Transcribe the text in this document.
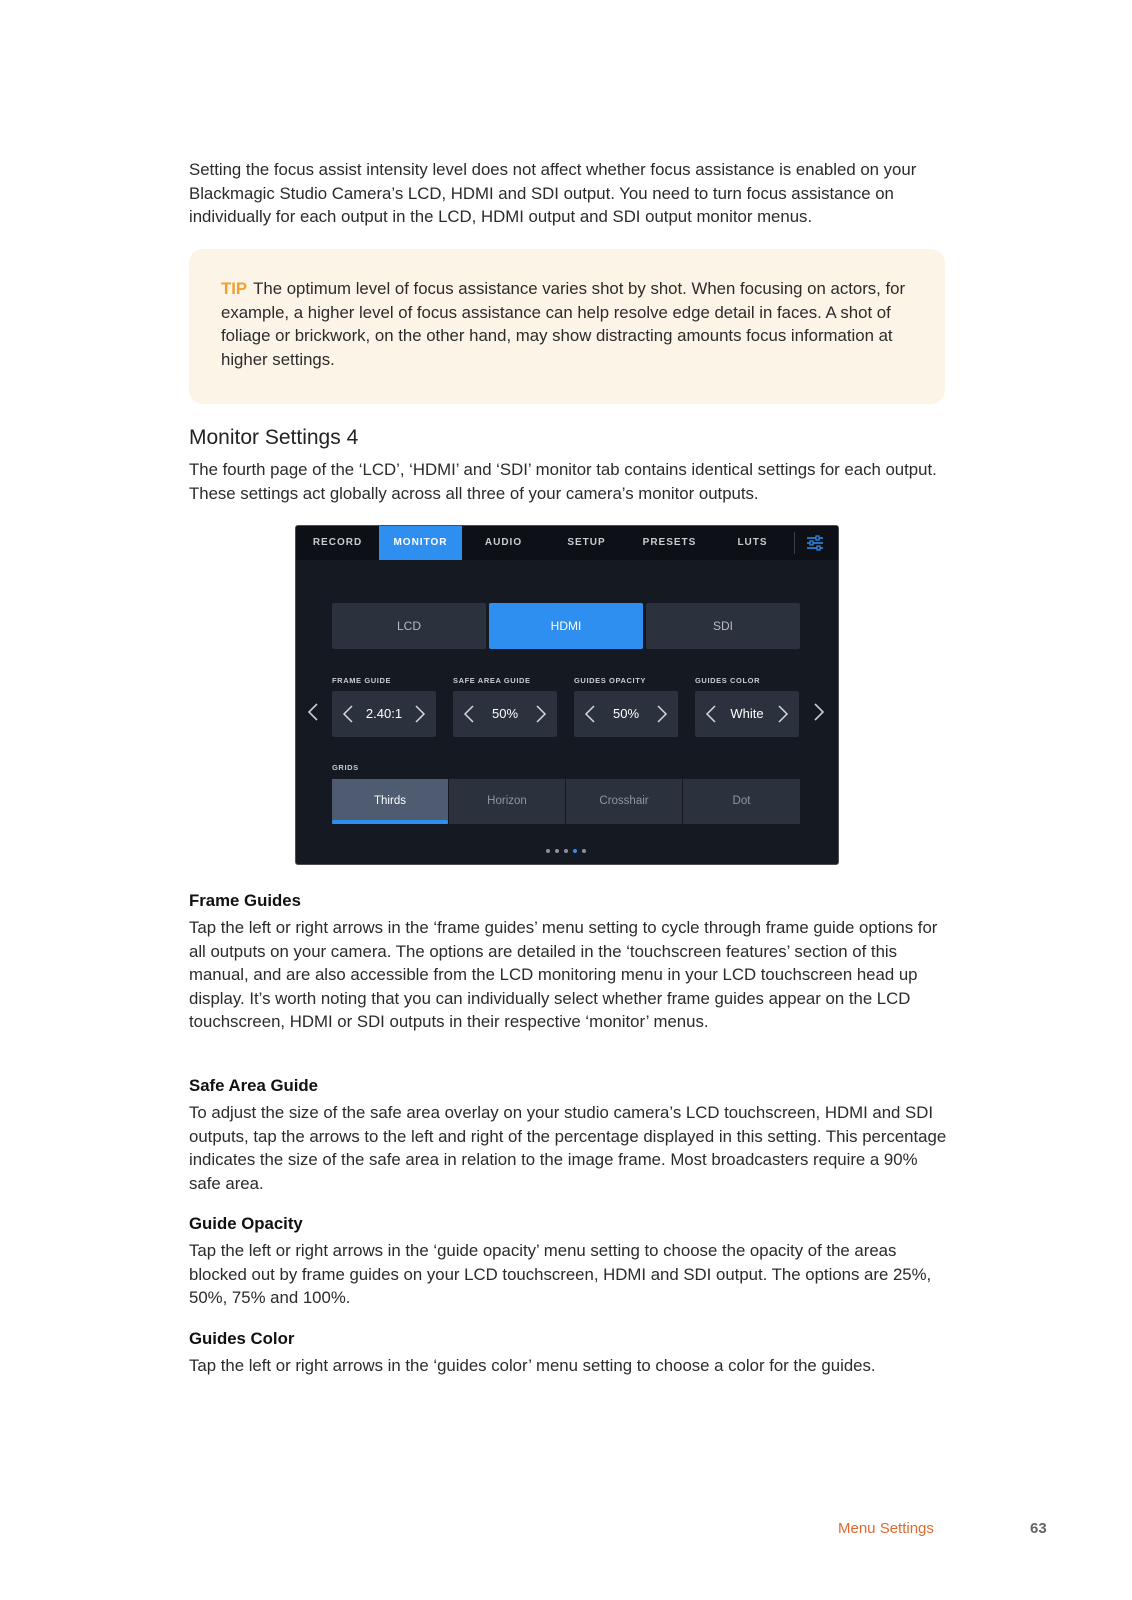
Setting the focus assist intensity level does not affect whether focus assistance is enabled on your Blackmagic Studio Camera’s LCD, HDMI and SDI output. You need to turn focus assistance on individually for each output in the LCD, HDMI output and SDI output monitor menus.

TIP The optimum level of focus assistance varies shot by shot. When focusing on actors, for example, a higher level of focus assistance can help resolve edge detail in faces. A shot of foliage or brickwork, on the other hand, may show distracting amounts focus information at higher settings.

Monitor Settings 4

The fourth page of the ‘LCD’, ‘HDMI’ and ‘SDI’ monitor tab contains identical settings for each output. These settings act globally across all three of your camera’s monitor outputs.

RECORD	MONITOR	AUDIO	SETUP	PRESETS	LUTS
LCD	HDMI	SDI
FRAME GUIDE
2.40:1
SAFE AREA GUIDE
50%
GUIDES OPACITY
50%
GUIDES COLOR
White
GRIDS
Thirds	Horizon	Crosshair	Dot
Frame Guides

Tap the left or right arrows in the ‘frame guides’ menu setting to cycle through frame guide options for all outputs on your camera. The options are detailed in the ‘touchscreen features’ section of this manual, and are also accessible from the LCD monitoring menu in your LCD touchscreen head up display. It’s worth noting that you can individually select whether frame guides appear on the LCD touchscreen, HDMI or SDI outputs in their respective ‘monitor’ menus.

Safe Area Guide

To adjust the size of the safe area overlay on your studio camera’s LCD touchscreen, HDMI and SDI outputs, tap the arrows to the left and right of the percentage displayed in this setting. This percentage indicates the size of the safe area in relation to the image frame. Most broadcasters require a 90% safe area.

Guide Opacity

Tap the left or right arrows in the ‘guide opacity’ menu setting to choose the opacity of the areas blocked out by frame guides on your LCD touchscreen, HDMI and SDI output. The options are 25%, 50%, 75% and 100%.

Guides Color

Tap the left or right arrows in the ‘guides color’ menu setting to choose a color for the guides.

Menu Settings	63
